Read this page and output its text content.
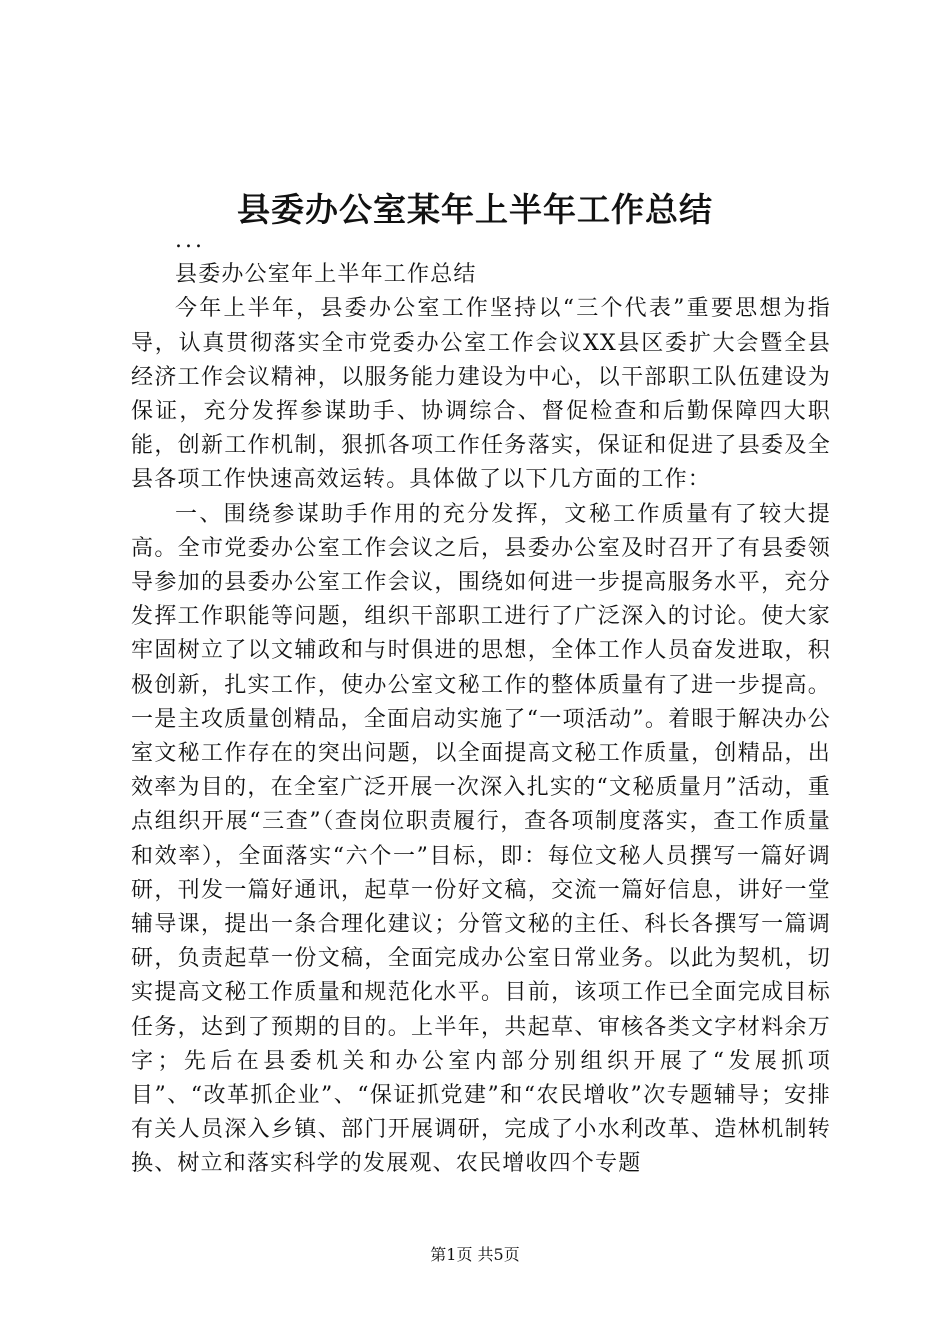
县委办公室某年上半年工作总结

...

县委办公室年上半年工作总结

今年上半年，县委办公室工作坚持以“三个代表”重要思想为指导，认真贯彻落实全市党委办公室工作会议XX县区委扩大会暨全县经济工作会议精神，以服务能力建设为中心，以干部职工队伍建设为保证，充分发挥参谋助手、协调综合、督促检查和后勤保障四大职能，创新工作机制，狠抓各项工作任务落实，保证和促进了县委及全县各项工作快速高效运转。具体做了以下几方面的工作：

一、围绕参谋助手作用的充分发挥，文秘工作质量有了较大提高。全市党委办公室工作会议之后，县委办公室及时召开了有县委领导参加的县委办公室工作会议，围绕如何进一步提高服务水平，充分发挥工作职能等问题，组织干部职工进行了广泛深入的讨论。使大家牢固树立了以文辅政和与时俱进的思想，全体工作人员奋发进取，积极创新，扎实工作，使办公室文秘工作的整体质量有了进一步提高。一是主攻质量创精品，全面启动实施了“一项活动”。着眼于解决办公室文秘工作存在的突出问题，以全面提高文秘工作质量，创精品，出效率为目的，在全室广泛开展一次深入扎实的“文秘质量月”活动，重点组织开展“三查”（查岗位职责履行，查各项制度落实，查工作质量和效率），全面落实“六个一”目标，即：每位文秘人员撰写一篇好调研，刊发一篇好通讯，起草一份好文稿，交流一篇好信息，讲好一堂辅导课，提出一条合理化建议；分管文秘的主任、科长各撰写一篇调研，负责起草一份文稿，全面完成办公室日常业务。以此为契机，切实提高文秘工作质量和规范化水平。目前，该项工作已全面完成目标任务，达到了预期的目的。上半年，共起草、审核各类文字材料余万字；先后在县委机关和办公室内部分别组织开展了“发展抓项目”、“改革抓企业”、“保证抓党建”和“农民增收”次专题辅导；安排有关人员深入乡镇、部门开展调研，完成了小水利改革、造林机制转换、树立和落实科学的发展观、农民增收四个专题

第1页 共5页
